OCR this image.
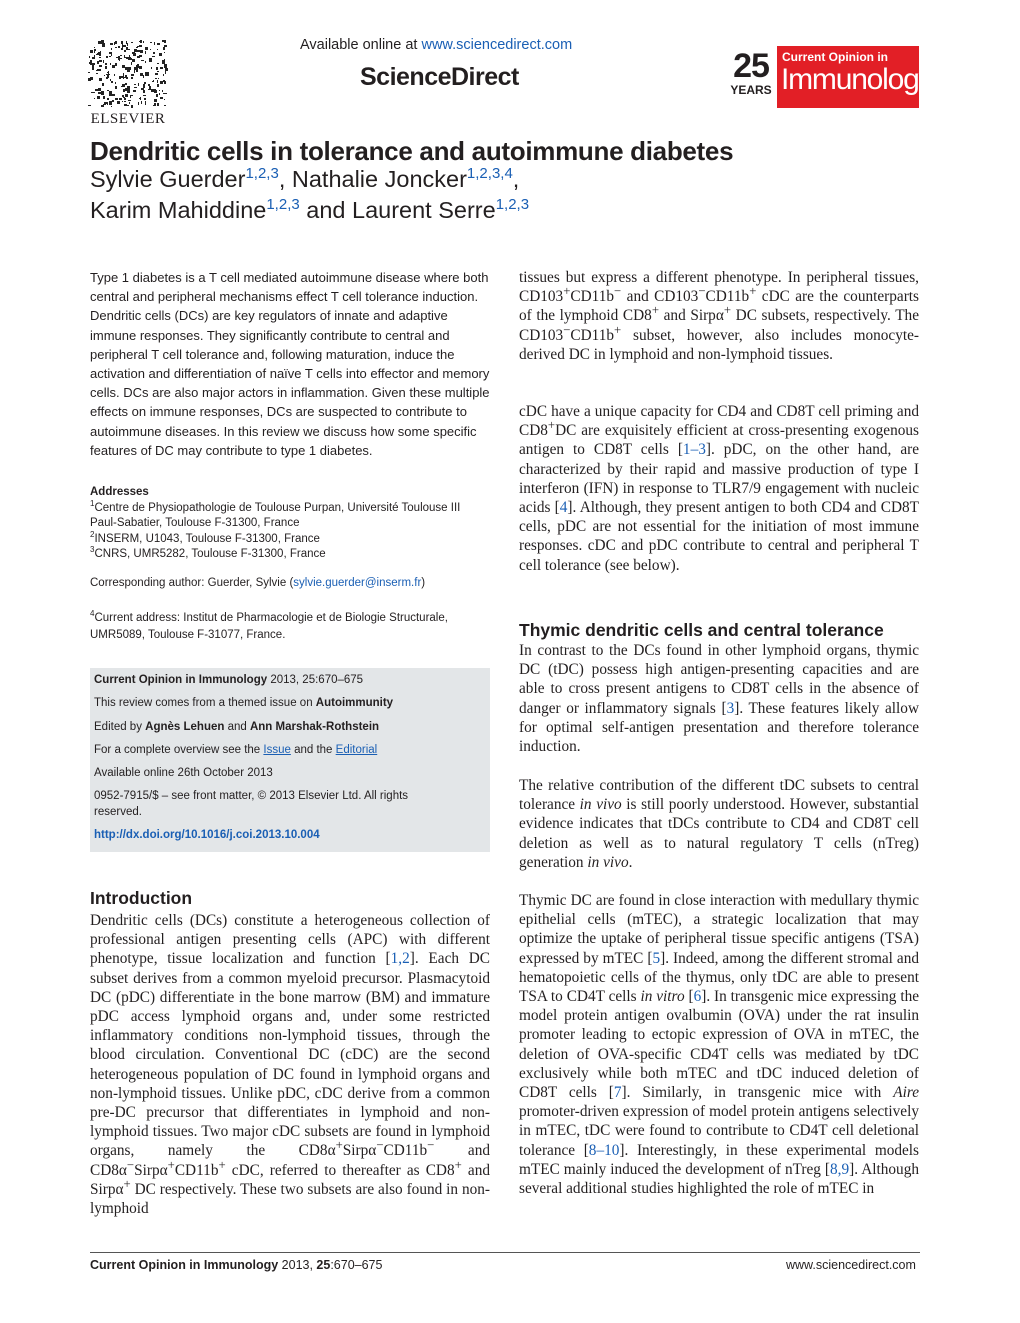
ELSEVIER
Available online at www.sciencedirect.com
ScienceDirect	25
YEARS
Current Opinion in
Immunology
Dendritic cells in tolerance and autoimmune diabetes
Sylvie Guerder$^{1,2,3}$, Nathalie Joncker$^{1,2,3,4}$,
Karim Mahiddine$^{1,2,3}$ and Laurent Serre$^{1,2,3}$
Type 1 diabetes is a T cell mediated autoimmune disease where both central and peripheral mechanisms effect T cell tolerance induction. Dendritic cells (DCs) are key regulators of innate and adaptive immune responses. They significantly contribute to central and peripheral T cell tolerance and, following maturation, induce the activation and differentiation of naïve T cells into effector and memory cells. DCs are also major actors in inflammation. Given these multiple effects on immune responses, DCs are suspected to contribute to autoimmune diseases. In this review we discuss how some specific features of DC may contribute to type 1 diabetes.
Addresses
$^1$Centre de Physiopathologie de Toulouse Purpan, Université Toulouse III Paul-Sabatier, Toulouse F-31300, France
$^2$INSERM, U1043, Toulouse F-31300, France
$^3$CNRS, UMR5282, Toulouse F-31300, France
Corresponding author: Guerder, Sylvie (sylvie.guerder@inserm.fr)
$^4$Current address: Institut de Pharmacologie et de Biologie Structurale, UMR5089, Toulouse F-31077, France.
Current Opinion in Immunology 2013, 25:670–675
This review comes from a themed issue on Autoimmunity
Edited by Agnès Lehuen and Ann Marshak-Rothstein
For a complete overview see the Issue and the Editorial
Available online 26th October 2013
0952-7915/$ – see front matter, © 2013 Elsevier Ltd. All rights
reserved.
http://dx.doi.org/10.1016/j.coi.2013.10.004
Introduction
Dendritic cells (DCs) constitute a heterogeneous collection of professional antigen presenting cells (APC) with different phenotype, tissue localization and function [1,2]. Each DC subset derives from a common myeloid precursor. Plasmacytoid DC (pDC) differentiate in the bone marrow (BM) and immature pDC access lymphoid organs and, under some restricted inflammatory conditions non-lymphoid tissues, through the blood circulation. Conventional DC (cDC) are the second heterogeneous population of DC found in lymphoid organs and non-lymphoid tissues. Unlike pDC, cDC derive from a common pre-DC precursor that differentiates in lymphoid and non-lymphoid tissues. Two major cDC subsets are found in lymphoid organs, namely the CD8α+Sirpα−CD11b− and CD8α−Sirpα+CD11b+ cDC, referred to thereafter as CD8+ and Sirpα+ DC respectively. These two subsets are also found in non-lymphoid
tissues but express a different phenotype. In peripheral tissues, CD103+CD11b− and CD103−CD11b+ cDC are the counterparts of the lymphoid CD8+ and Sirpα+ DC subsets, respectively. The CD103−CD11b+ subset, however, also includes monocyte-derived DC in lymphoid and non-lymphoid tissues.
cDC have a unique capacity for CD4 and CD8T cell priming and CD8+DC are exquisitely efficient at cross-presenting exogenous antigen to CD8T cells [1–3]. pDC, on the other hand, are characterized by their rapid and massive production of type I interferon (IFN) in response to TLR7/9 engagement with nucleic acids [4]. Although, they present antigen to both CD4 and CD8T cells, pDC are not essential for the initiation of most immune responses. cDC and pDC contribute to central and peripheral T cell tolerance (see below).
Thymic dendritic cells and central tolerance
In contrast to the DCs found in other lymphoid organs, thymic DC (tDC) possess high antigen-presenting capacities and are able to cross present antigens to CD8T cells in the absence of danger or inflammatory signals [3]. These features likely allow for optimal self-antigen presentation and therefore tolerance induction.
The relative contribution of the different tDC subsets to central tolerance in vivo is still poorly understood. However, substantial evidence indicates that tDCs contribute to CD4 and CD8T cell deletion as well as to natural regulatory T cells (nTreg) generation in vivo.
Thymic DC are found in close interaction with medullary thymic epithelial cells (mTEC), a strategic localization that may optimize the uptake of peripheral tissue specific antigens (TSA) expressed by mTEC [5]. Indeed, among the different stromal and hematopoietic cells of the thymus, only tDC are able to present TSA to CD4T cells in vitro [6]. In transgenic mice expressing the model protein antigen ovalbumin (OVA) under the rat insulin promoter leading to ectopic expression of OVA in mTEC, the deletion of OVA-specific CD4T cells was mediated by tDC exclusively while both mTEC and tDC induced deletion of CD8T cells [7]. Similarly, in transgenic mice with Aire promoter-driven expression of model protein antigens selectively in mTEC, tDC were found to contribute to CD4T cell deletional tolerance [8–10]. Interestingly, in these experimental models mTEC mainly induced the development of nTreg [8,9]. Although several additional studies highlighted the role of mTEC in
Current Opinion in Immunology 2013, 25:670–675	www.sciencedirect.com
